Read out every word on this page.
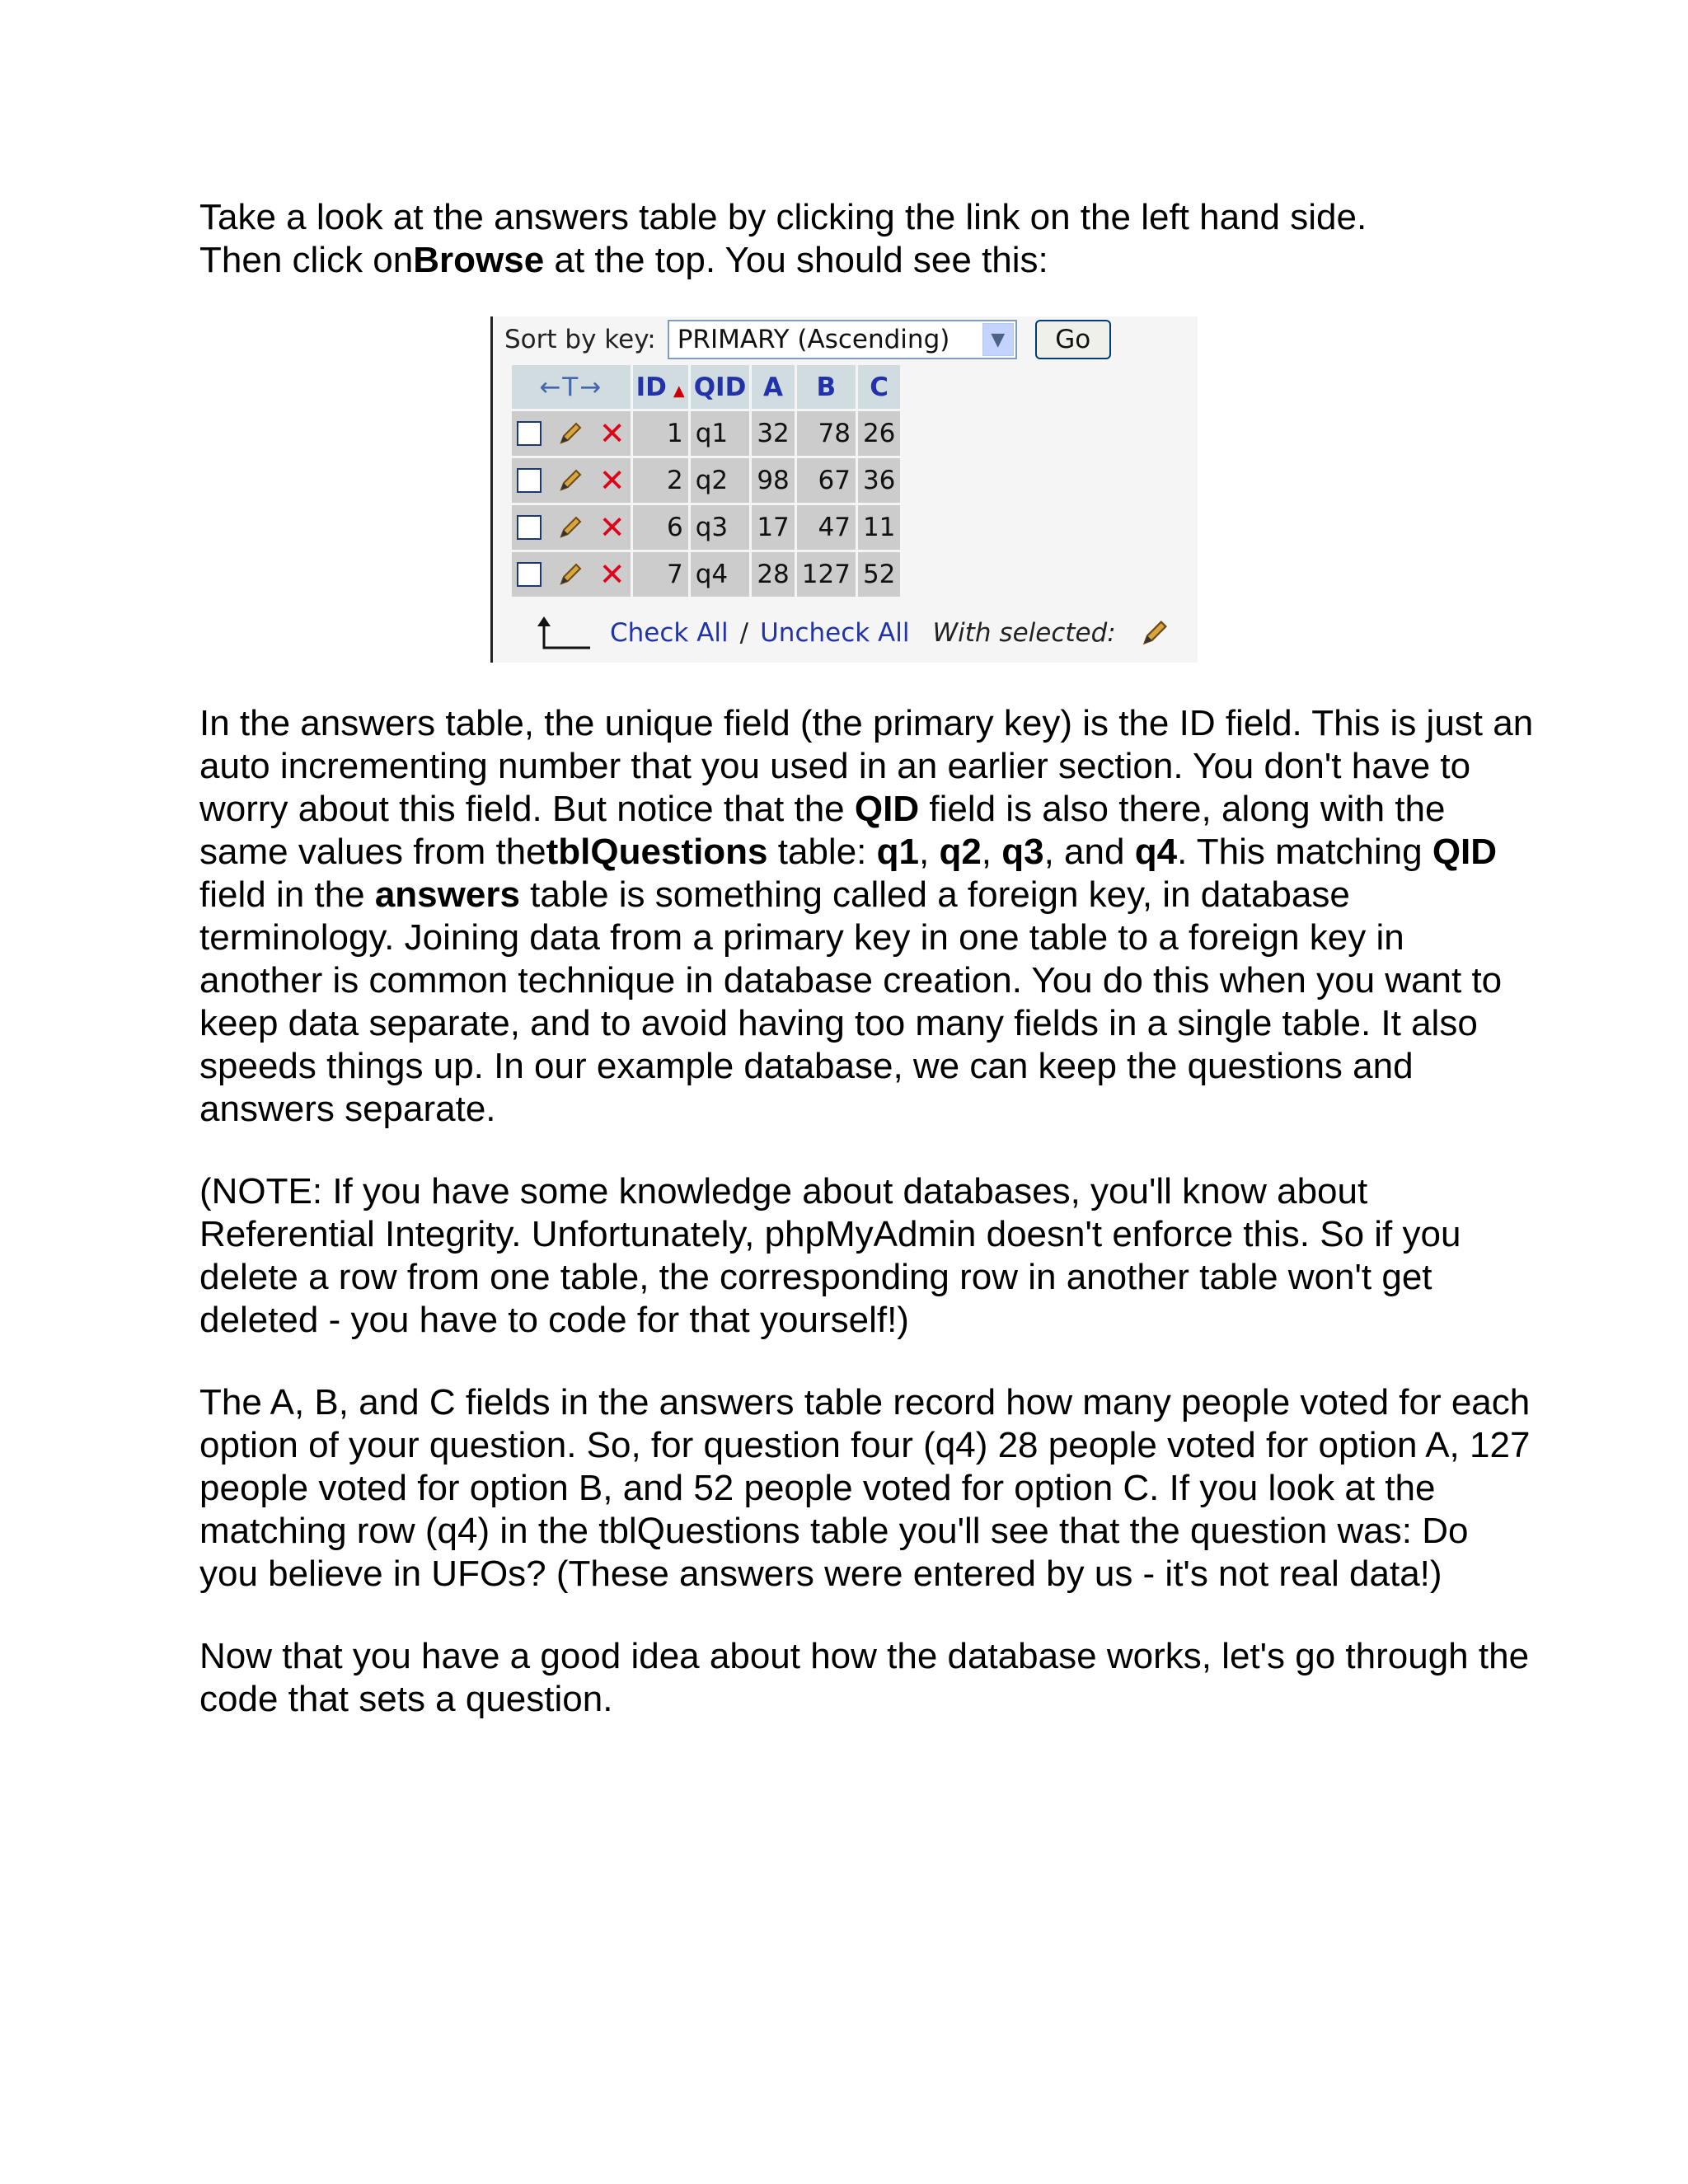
Take a look at the answers table by clicking the link on the left hand side.
Then click onBrowse at the top. You should see this:

Sort by key: PRIMARY (Ascending)	▼	Go
←T→	ID ▲	QID	A	B	C
✕	1	q1	32	78	26
✕	2	q2	98	67	36
✕	6	q3	17	47	11
✕	7	q4	28	127	52
Check All / Uncheck All With selected:

In the answers table, the unique field (the primary key) is the ID field. This is just an auto incrementing number that you used in an earlier section. You don't have to worry about this field. But notice that the QID field is also there, along with the same values from thetblQuestions table: q1, q2, q3, and q4. This matching QID field in the answers table is something called a foreign key, in database terminology. Joining data from a primary key in one table to a foreign key in another is common technique in database creation. You do this when you want to keep data separate, and to avoid having too many fields in a single table. It also speeds things up. In our example database, we can keep the questions and answers separate.

(NOTE: If you have some knowledge about databases, you'll know about Referential Integrity. Unfortunately, phpMyAdmin doesn't enforce this. So if you delete a row from one table, the corresponding row in another table won't get deleted - you have to code for that yourself!)

The A, B, and C fields in the answers table record how many people voted for each option of your question. So, for question four (q4) 28 people voted for option A, 127 people voted for option B, and 52 people voted for option C. If you look at the matching row (q4) in the tblQuestions table you'll see that the question was: Do you believe in UFOs? (These answers were entered by us - it's not real data!)

Now that you have a good idea about how the database works, let's go through the code that sets a question.
